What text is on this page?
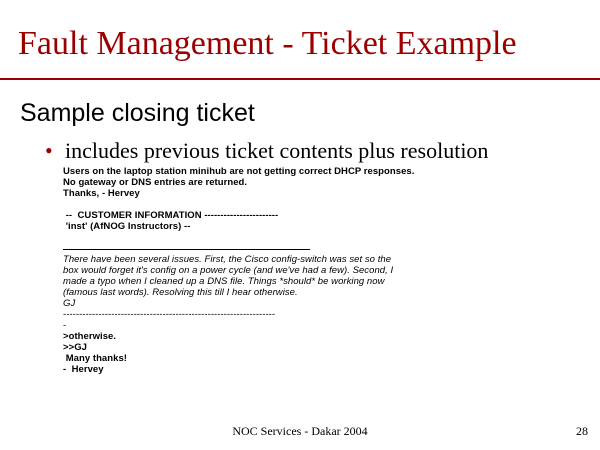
Fault Management - Ticket Example
Sample closing ticket
• includes previous ticket contents plus resolution
Users on the laptop station minihub are not getting correct DHCP responses.
No gateway or DNS entries are returned.
Thanks, - Hervey
--  CUSTOMER INFORMATION -----------------------
'inst' (AfNOG Instructors) --
There have been several issues. First, the Cisco config-switch was set so the
box would forget it's config on a power cycle (and we've had a few). Second, I
made a typo when I cleaned up a DNS file. Things *should* be working now
(famous last words). Resolving this till I hear otherwise.
GJ
------------------------------------------------------------------
-
>otherwise.
>>GJ
Many thanks!
-  Hervey
NOC Services - Dakar 2004	28
